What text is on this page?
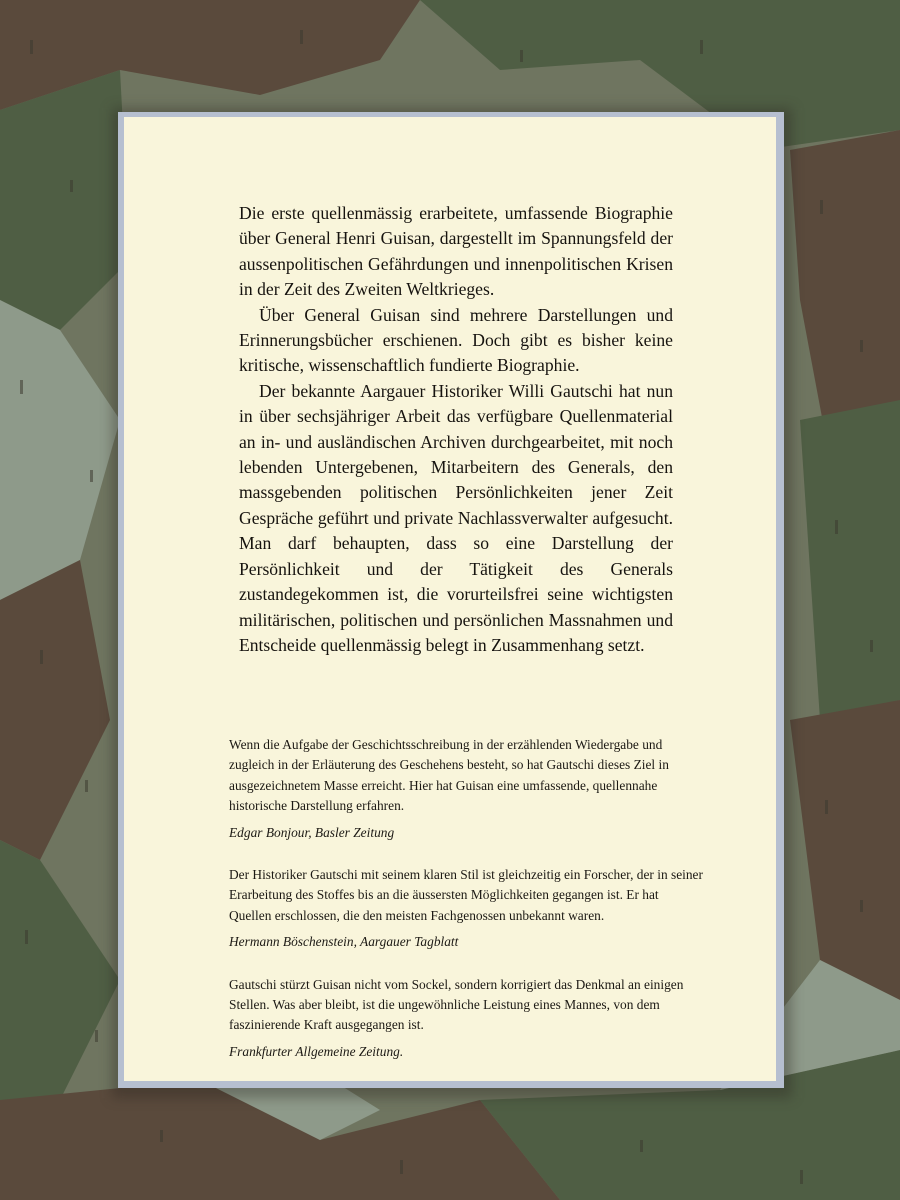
Die erste quellenmässig erarbeitete, umfassende Biographie über General Henri Guisan, dargestellt im Spannungsfeld der aussenpolitischen Gefährdungen und innenpolitischen Krisen in der Zeit des Zweiten Weltkrieges.

Über General Guisan sind mehrere Darstellungen und Erinnerungsbücher erschienen. Doch gibt es bisher keine kritische, wissenschaftlich fundierte Biographie.

Der bekannte Aargauer Historiker Willi Gautschi hat nun in über sechsjähriger Arbeit das verfügbare Quellenmaterial an in- und ausländischen Archiven durchgearbeitet, mit noch lebenden Untergebenen, Mitarbeitern des Generals, den massgebenden politischen Persönlichkeiten jener Zeit Gespräche geführt und private Nachlassverwalter aufgesucht. Man darf behaupten, dass so eine Darstellung der Persönlichkeit und der Tätigkeit des Generals zustandegekommen ist, die vorurteilsfrei seine wichtigsten militärischen, politischen und persönlichen Massnahmen und Entscheide quellenmässig belegt in Zusammenhang setzt.

Wenn die Aufgabe der Geschichtsschreibung in der erzählenden Wiedergabe und zugleich in der Erläuterung des Geschehens besteht, so hat Gautschi dieses Ziel in ausgezeichnetem Masse erreicht. Hier hat Guisan eine umfassende, quellennahe historische Darstellung erfahren.

Edgar Bonjour, Basler Zeitung

Der Historiker Gautschi mit seinem klaren Stil ist gleichzeitig ein Forscher, der in seiner Erarbeitung des Stoffes bis an die äussersten Möglichkeiten gegangen ist. Er hat Quellen erschlossen, die den meisten Fachgenossen unbekannt waren.

Hermann Böschenstein, Aargauer Tagblatt

Gautschi stürzt Guisan nicht vom Sockel, sondern korrigiert das Denkmal an einigen Stellen. Was aber bleibt, ist die ungewöhnliche Leistung eines Mannes, von dem faszinierende Kraft ausgegangen ist.

Frankfurter Allgemeine Zeitung.
